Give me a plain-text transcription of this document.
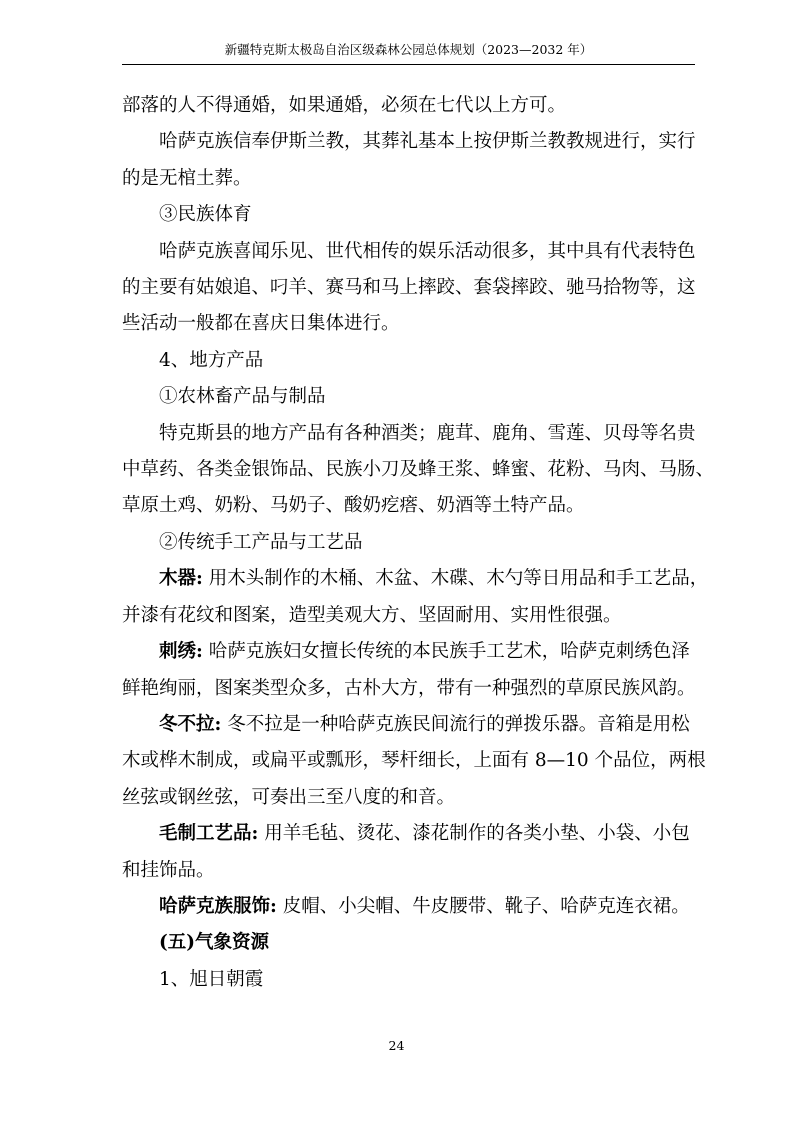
新疆特克斯太极岛自治区级森林公园总体规划（2023—2032 年）

部落的人不得通婚，如果通婚，必须在七代以上方可。

哈萨克族信奉伊斯兰教，其葬礼基本上按伊斯兰教教规进行，实行

的是无棺土葬。

③民族体育

哈萨克族喜闻乐见、世代相传的娱乐活动很多，其中具有代表特色

的主要有姑娘追、叼羊、赛马和马上摔跤、套袋摔跤、驰马拾物等，这

些活动一般都在喜庆日集体进行。

4、地方产品

①农林畜产品与制品

特克斯县的地方产品有各种酒类；鹿茸、鹿角、雪莲、贝母等名贵

中草药、各类金银饰品、民族小刀及蜂王浆、蜂蜜、花粉、马肉、马肠、

草原土鸡、奶粉、马奶子、酸奶疙瘩、奶酒等土特产品。

②传统手工产品与工艺品

木器: 用木头制作的木桶、木盆、木碟、木勺等日用品和手工艺品，

并漆有花纹和图案，造型美观大方、坚固耐用、实用性很强。

刺绣: 哈萨克族妇女擅长传统的本民族手工艺术，哈萨克刺绣色泽

鲜艳绚丽，图案类型众多，古朴大方，带有一种强烈的草原民族风韵。

冬不拉: 冬不拉是一种哈萨克族民间流行的弹拨乐器。音箱是用松

木或桦木制成，或扁平或瓢形，琴杆细长，上面有 8—10 个品位，两根

丝弦或钢丝弦，可奏出三至八度的和音。

毛制工艺品: 用羊毛毡、烫花、漆花制作的各类小垫、小袋、小包

和挂饰品。

哈萨克族服饰: 皮帽、小尖帽、牛皮腰带、靴子、哈萨克连衣裙。

(五)气象资源

1、旭日朝霞

24
